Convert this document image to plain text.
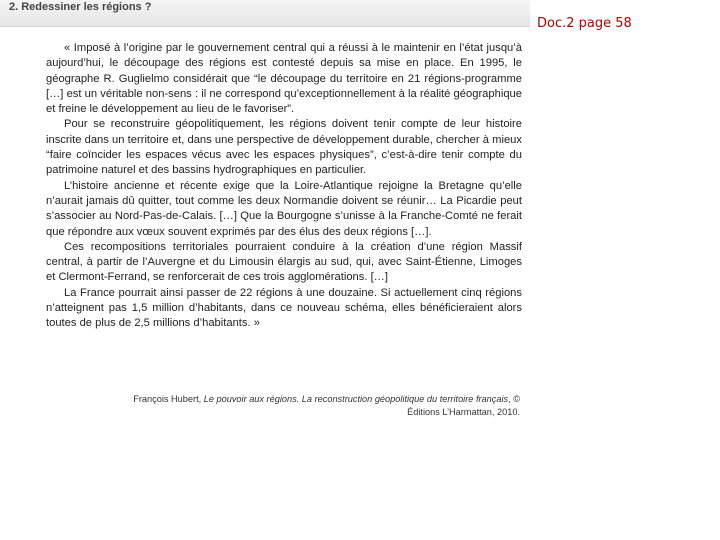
2. Redessiner les régions ?
Doc.2 page 58

« Imposé à l’origine par le gouvernement central qui a réussi à le maintenir en l’état jusqu’à aujourd’hui, le découpage des régions est contesté depuis sa mise en place. En 1995, le géographe R. Guglielmo considérait que “le découpage du territoire en 21 régions-programme […] est un véritable non-sens : il ne correspond qu’exceptionnellement à la réalité géographique et freine le développement au lieu de le favoriser”.

Pour se reconstruire géopolitiquement, les régions doivent tenir compte de leur histoire inscrite dans un territoire et, dans une perspective de développement durable, chercher à mieux “faire coïncider les espaces vécus avec les espaces physiques”, c’est-à-dire tenir compte du patrimoine naturel et des bassins hydrographiques en particulier.

L’histoire ancienne et récente exige que la Loire-Atlantique rejoigne la Bretagne qu’elle n’aurait jamais dû quitter, tout comme les deux Normandie doivent se réunir… La Picardie peut s’associer au Nord-Pas-de-Calais. […] Que la Bourgogne s’unisse à la Franche-Comté ne ferait que répondre aux vœux souvent exprimés par des élus des deux régions […].

Ces recompositions territoriales pourraient conduire à la création d’une région Massif central, à partir de l’Auvergne et du Limousin élargis au sud, qui, avec Saint-Étienne, Limoges et Clermont-Ferrand, se renforcerait de ces trois agglomérations. […]

La France pourrait ainsi passer de 22 régions à une douzaine. Si actuellement cinq régions n’atteignent pas 1,5 million d’habitants, dans ce nouveau schéma, elles bénéficieraient alors toutes de plus de 2,5 millions d’habitants. »

François Hubert, Le pouvoir aux régions. La reconstruction géopolitique du territoire français, © Éditions L’Harmattan, 2010.
